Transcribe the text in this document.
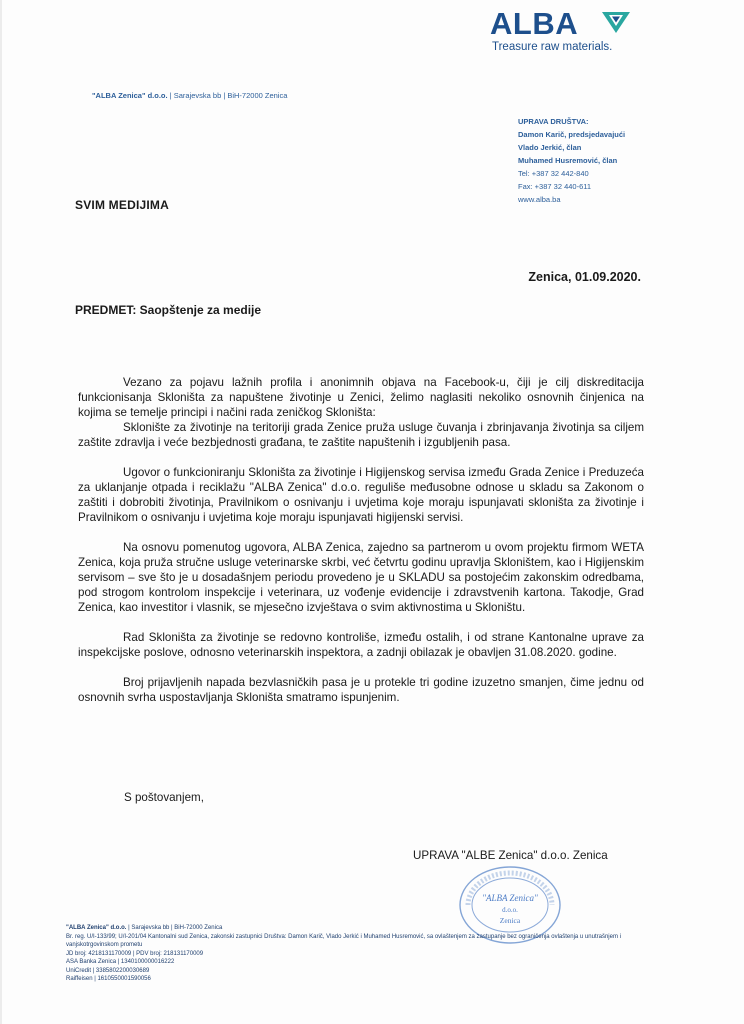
ALBA
Treasure raw materials.
"ALBA Zenica" d.o.o. | Sarajevska bb | BiH-72000 Zenica
UPRAVA DRUŠTVA:
Damon Karič, predsjedavajući
Vlado Jerkić, član
Muhamed Husremović, član
Tel: +387 32 442-840
Fax: +387 32 440-611
www.alba.ba
SVIM MEDIJIMA
Zenica, 01.09.2020.
PREDMET: Saopštenje za medije

Vezano za pojavu lažnih profila i anonimnih objava na Facebook-u, čiji je cilj diskreditacija funkcionisanja Skloništa za napuštene životinje u Zenici, želimo naglasiti nekoliko osnovnih činjenica na kojima se temelje principi i načini rada zeničkog Skloništa:

Sklonište za životinje na teritoriji grada Zenice pruža usluge čuvanja i zbrinjavanja životinja sa ciljem zaštite zdravlja i veće bezbjednosti građana, te zaštite napuštenih i izgubljenih pasa.

Ugovor o funkcioniranju Skloništa za životinje i Higijenskog servisa između Grada Zenice i Preduzeća za uklanjanje otpada i reciklažu "ALBA Zenica" d.o.o. reguliše međusobne odnose u skladu sa Zakonom o zaštiti i dobrobiti životinja, Pravilnikom o osnivanju i uvjetima koje moraju ispunjavati skloništa za životinje i Pravilnikom o osnivanju i uvjetima koje moraju ispunjavati higijenski servisi.

Na osnovu pomenutog ugovora, ALBA Zenica, zajedno sa partnerom u ovom projektu firmom WETA Zenica, koja pruža stručne usluge veterinarske skrbi, već četvrtu godinu upravlja Skloništem, kao i Higijenskim servisom – sve što je u dosadašnjem periodu provedeno je u SKLADU sa postojećim zakonskim odredbama, pod strogom kontrolom inspekcije i veterinara, uz vođenje evidencije i zdravstvenih kartona. Takodje, Grad Zenica, kao investitor i vlasnik, se mjesečno izvještava o svim aktivnostima u Skloništu.

Rad Skloništa za životinje se redovno kontroliše, između ostalih, i od strane Kantonalne uprave za inspekcijske poslove, odnosno veterinarskih inspektora, a zadnji obilazak je obavljen 31.08.2020. godine.

Broj prijavljenih napada bezvlasničkih pasa je u protekle tri godine izuzetno smanjen, čime jednu od osnovnih svrha uspostavljanja Skloništa smatramo ispunjenim.

S poštovanjem,
UPRAVA "ALBE Zenica" d.o.o. Zenica
"ALBA Zenica"
d.o.o.
Zenica
"ALBA Zenica" d.o.o. | Sarajevska bb | BiH-72000 Zenica
Br. reg. U/I-133/99; U/I-201/04 Kantonalni sud Zenica, zakonski zastupnici Društva: Damon Karič, Vlado Jerkić i Muhamed Husremović, sa ovlaštenjem za zastupanje bez ograničenja ovlaštenja u unutrašnjem i vanjskotrgovinskom prometu
JD broj: 4218131170009 | PDV broj: 218131170009
ASA Banka Zenica | 1340100000016222
UniCredit | 3385802200030689
Raiffeisen | 1610550001590056
